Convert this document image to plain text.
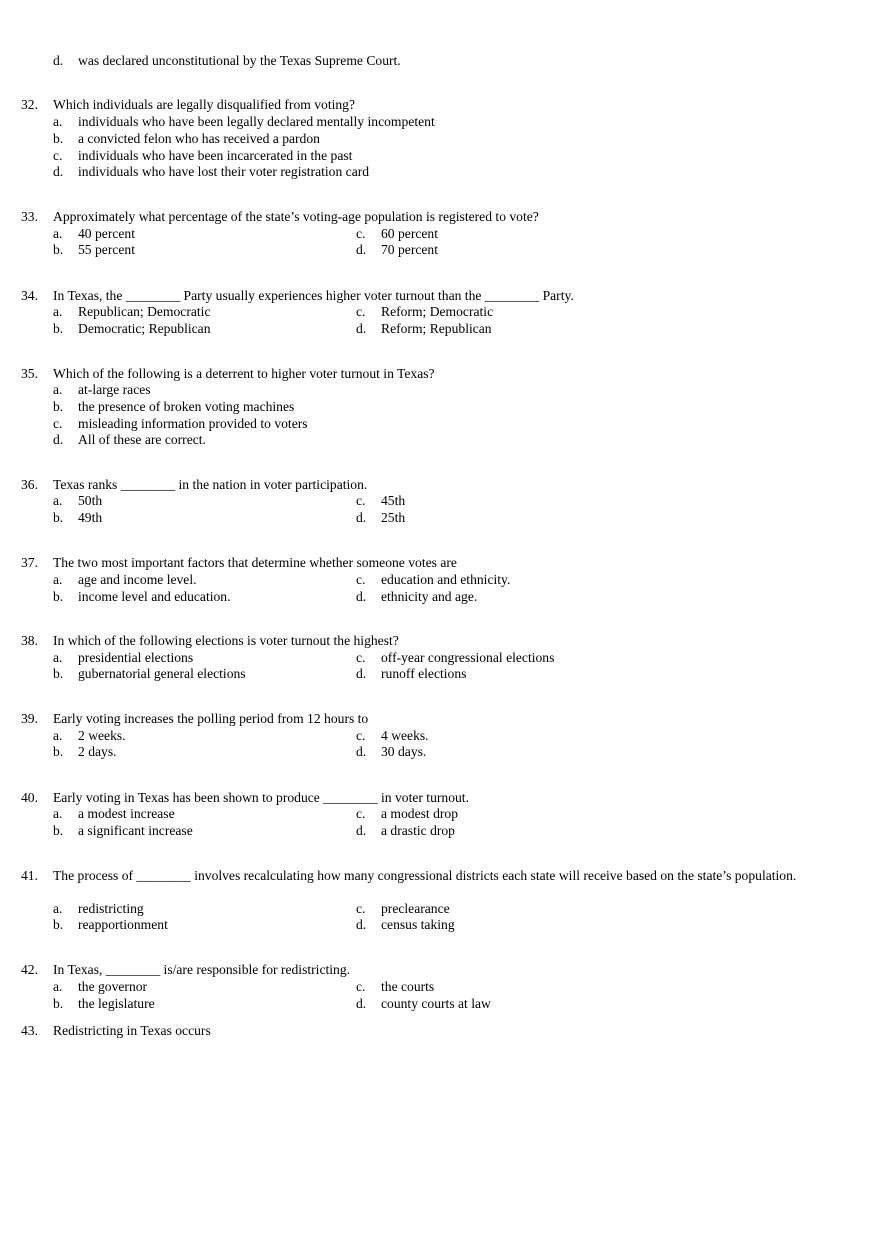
d. was declared unconstitutional by the Texas Supreme Court.
32. Which individuals are legally disqualified from voting?
a. individuals who have been legally declared mentally incompetent
b. a convicted felon who has received a pardon
c. individuals who have been incarcerated in the past
d. individuals who have lost their voter registration card
33. Approximately what percentage of the state’s voting-age population is registered to vote?
a. 40 percent
b. 55 percent
c. 60 percent
d. 70 percent
34. In Texas, the ________ Party usually experiences higher voter turnout than the ________ Party.
a. Republican; Democratic
b. Democratic; Republican
c. Reform; Democratic
d. Reform; Republican
35. Which of the following is a deterrent to higher voter turnout in Texas?
a. at-large races
b. the presence of broken voting machines
c. misleading information provided to voters
d. All of these are correct.
36. Texas ranks ________ in the nation in voter participation.
a. 50th
b. 49th
c. 45th
d. 25th
37. The two most important factors that determine whether someone votes are
a. age and income level.
b. income level and education.
c. education and ethnicity.
d. ethnicity and age.
38. In which of the following elections is voter turnout the highest?
a. presidential elections
b. gubernatorial general elections
c. off-year congressional elections
d. runoff elections
39. Early voting increases the polling period from 12 hours to
a. 2 weeks.
b. 2 days.
c. 4 weeks.
d. 30 days.
40. Early voting in Texas has been shown to produce ________ in voter turnout.
a. a modest increase
b. a significant increase
c. a modest drop
d. a drastic drop
41. The process of ________ involves recalculating how many congressional districts each state will receive based on the state’s population.
a. redistricting
b. reapportionment
c. preclearance
d. census taking
42. In Texas, ________ is/are responsible for redistricting.
a. the governor
b. the legislature
c. the courts
d. county courts at law
43. Redistricting in Texas occurs
